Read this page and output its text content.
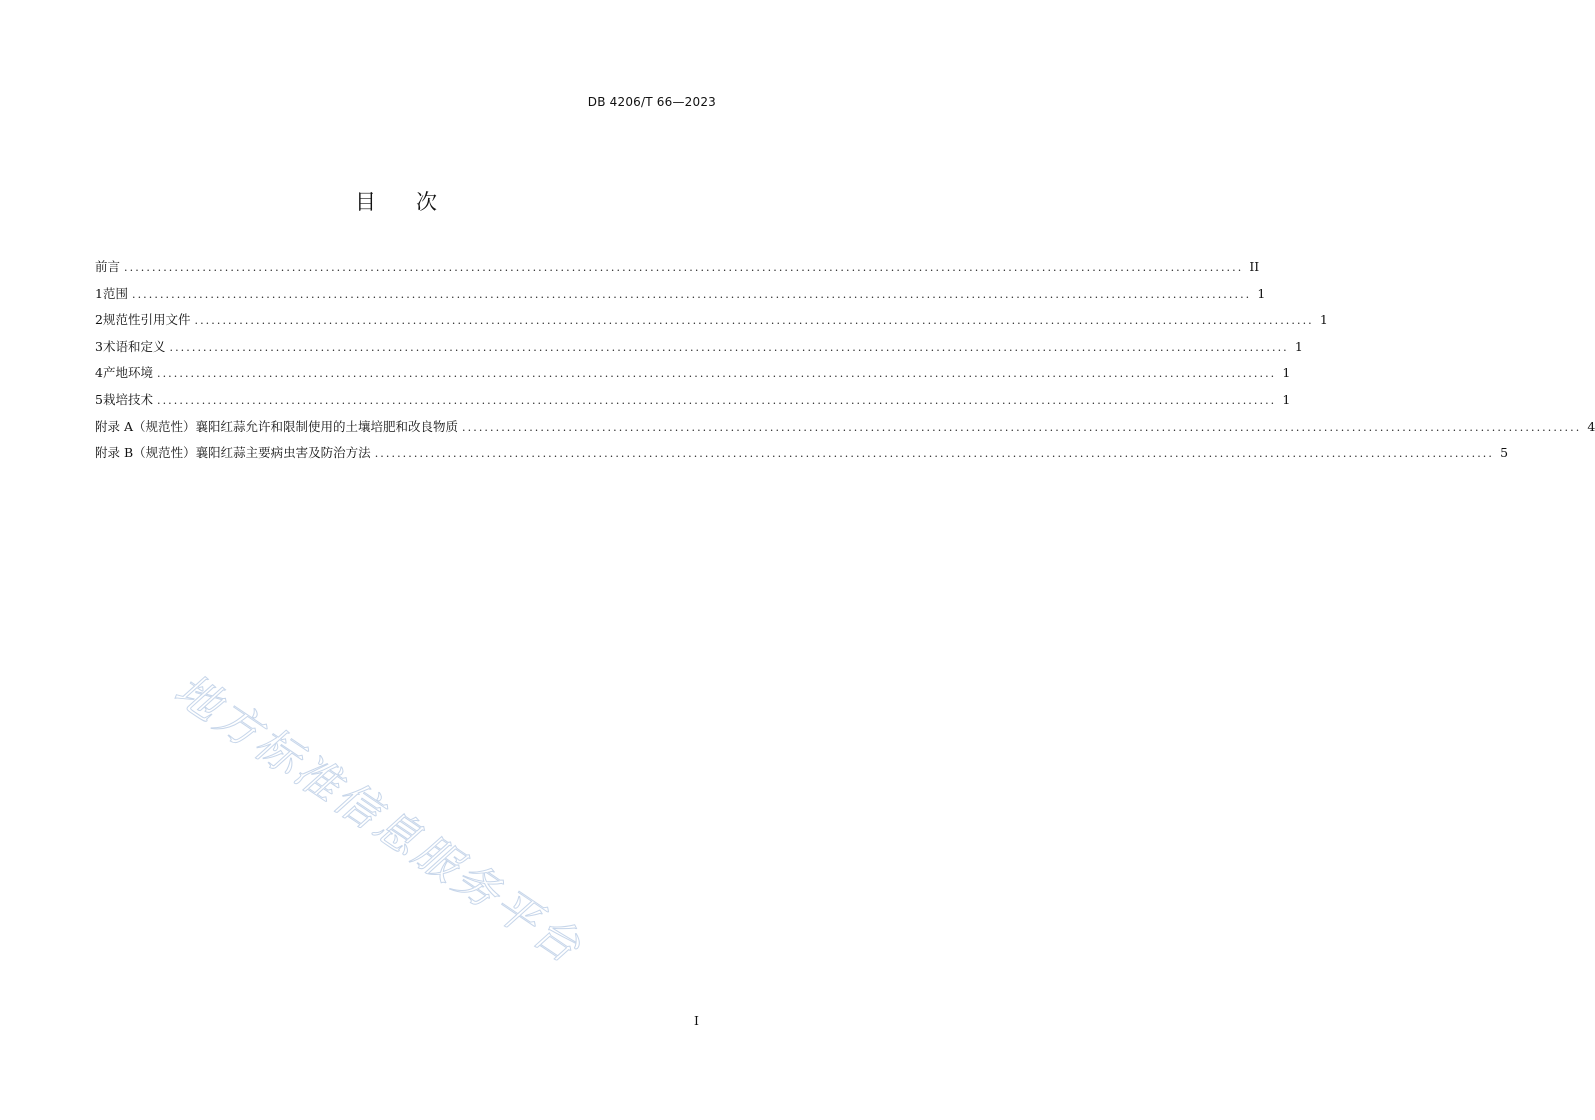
DB 4206/T 66—2023
目 次
前言 ........................................................................................................................................................................................................ II
1 范围 ........................................................................................................................................................................................................ 1
2 规范性引用文件 ........................................................................................................................................................................................................ 1
3 术语和定义 ........................................................................................................................................................................................................ 1
4 产地环境 ........................................................................................................................................................................................................ 1
5 栽培技术 ........................................................................................................................................................................................................ 1
附录 A（规范性） 襄阳红蒜允许和限制使用的土壤培肥和改良物质 ........................................................................................................................................................................................................ 4
附录 B（规范性） 襄阳红蒜主要病虫害及防治方法 ........................................................................................................................................................................................................ 5
地方标准信息服务平台
I
